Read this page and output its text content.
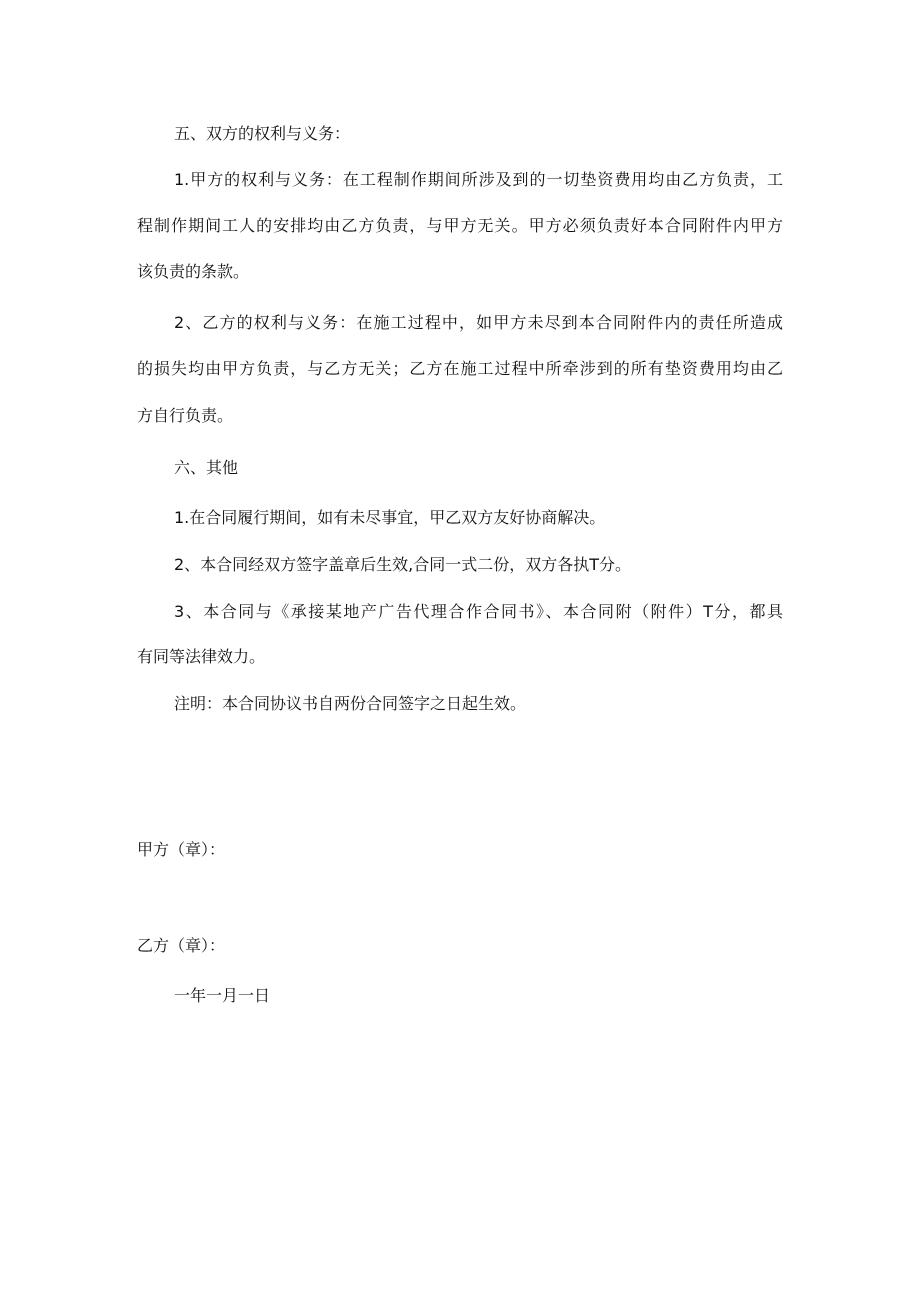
五、双方的权利与义务：
1.甲方的权利与义务：在工程制作期间所涉及到的一切垫资费用均由乙方负责，工
程制作期间工人的安排均由乙方负责，与甲方无关。甲方必须负责好本合同附件内甲方
该负责的条款。
2、乙方的权利与义务：在施工过程中，如甲方未尽到本合同附件内的责任所造成
的损失均由甲方负责，与乙方无关；乙方在施工过程中所牵涉到的所有垫资费用均由乙
方自行负责。
六、其他
1.在合同履行期间，如有未尽事宜，甲乙双方友好协商解决。
2、本合同经双方签字盖章后生效,合同一式二份，双方各执T分。
3、本合同与《承接某地产广告代理合作合同书》、本合同附（附件）T分，都具
有同等法律效力。
注明：本合同协议书自两份合同签字之日起生效。
甲方（章）：
乙方（章）：
一年一月一日
